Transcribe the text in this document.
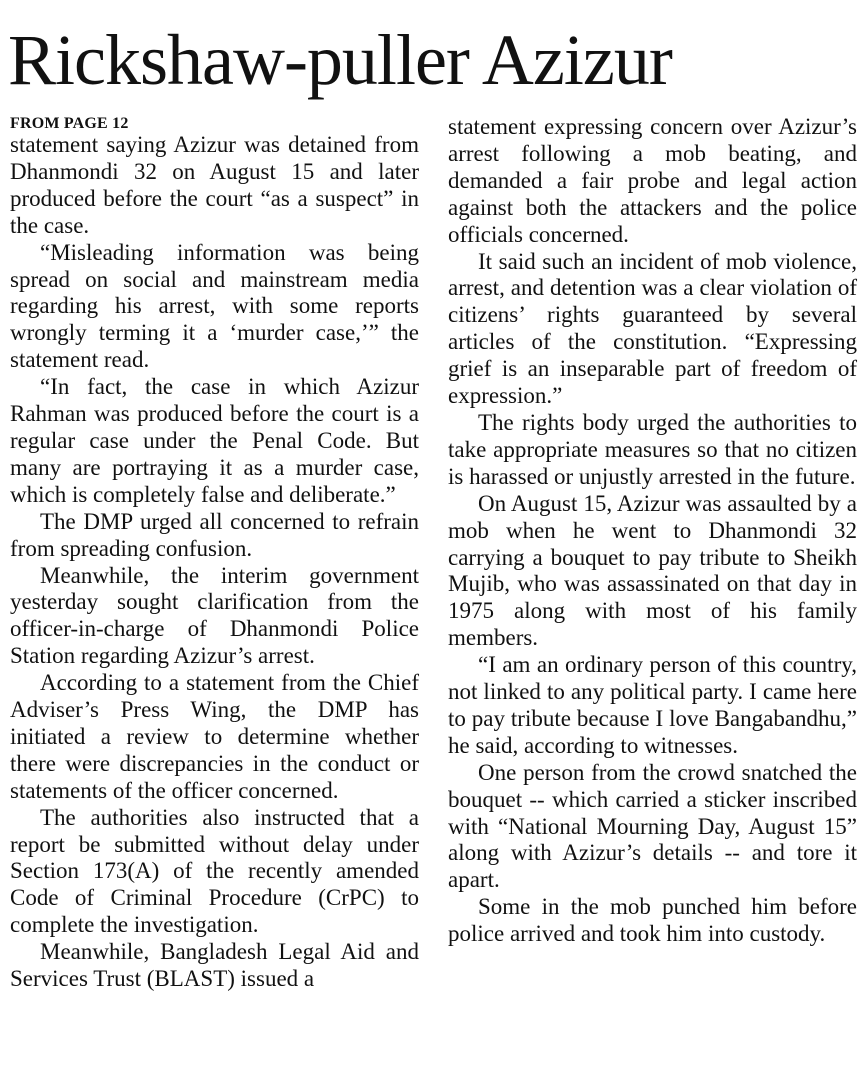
Rickshaw-puller Azizur
FROM PAGE 12

statement saying Azizur was detained from Dhanmondi 32 on August 15 and later produced before the court “as a suspect” in the case.

“Misleading information was being spread on social and mainstream media regarding his arrest, with some reports wrongly terming it a ‘murder case,’” the statement read.

“In fact, the case in which Azizur Rahman was produced before the court is a regular case under the Penal Code. But many are portraying it as a murder case, which is completely false and deliberate.”

The DMP urged all concerned to refrain from spreading confusion.

Meanwhile, the interim government yesterday sought clarification from the officer-in-charge of Dhanmondi Police Station regarding Azizur’s arrest.

According to a statement from the Chief Adviser’s Press Wing, the DMP has initiated a review to determine whether there were discrepancies in the conduct or statements of the officer concerned.

The authorities also instructed that a report be submitted without delay under Section 173(A) of the recently amended Code of Criminal Procedure (CrPC) to complete the investigation.

Meanwhile, Bangladesh Legal Aid and Services Trust (BLAST) issued a

statement expressing concern over Azizur’s arrest following a mob beating, and demanded a fair probe and legal action against both the attackers and the police officials concerned.

It said such an incident of mob violence, arrest, and detention was a clear violation of citizens’ rights guaranteed by several articles of the constitution. “Expressing grief is an inseparable part of freedom of expression.”

The rights body urged the authorities to take appropriate measures so that no citizen is harassed or unjustly arrested in the future.

On August 15, Azizur was assaulted by a mob when he went to Dhanmondi 32 carrying a bouquet to pay tribute to Sheikh Mujib, who was assassinated on that day in 1975 along with most of his family members.

“I am an ordinary person of this country, not linked to any political party. I came here to pay tribute because I love Bangabandhu,” he said, according to witnesses.

One person from the crowd snatched the bouquet -- which carried a sticker inscribed with “National Mourning Day, August 15” along with Azizur’s details -- and tore it apart.

Some in the mob punched him before police arrived and took him into custody.
